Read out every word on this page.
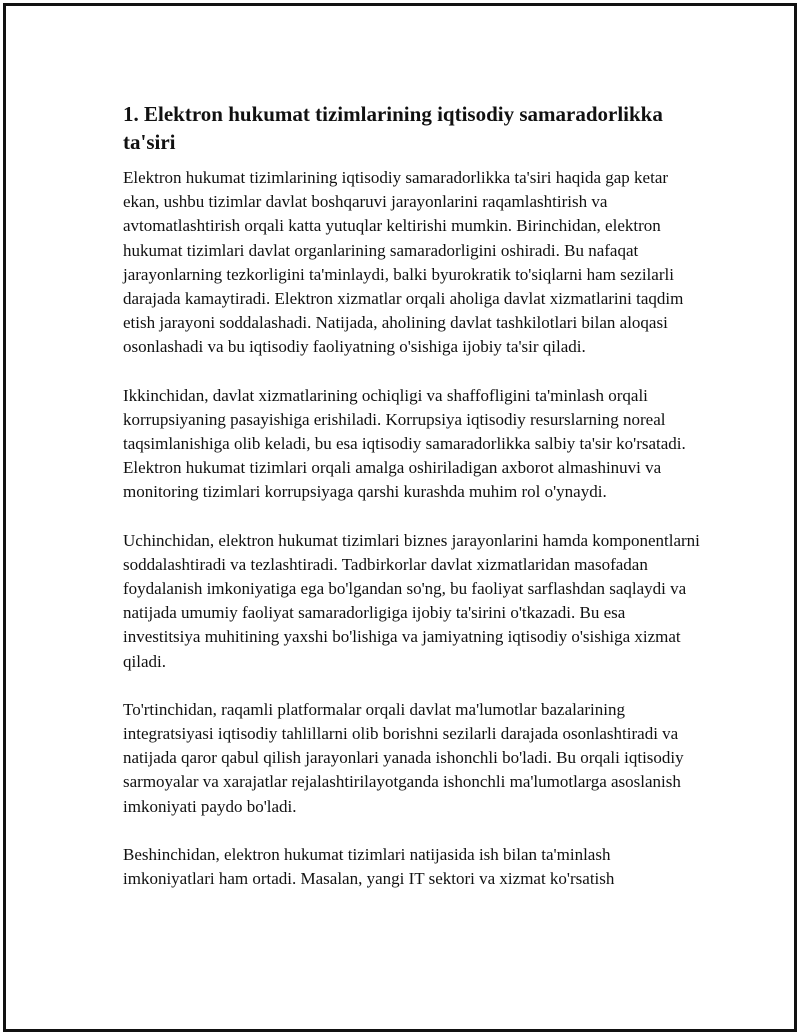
1. Elektron hukumat tizimlarining iqtisodiy samaradorlikka ta'siri

Elektron hukumat tizimlarining iqtisodiy samaradorlikka ta'siri haqida gap ketar ekan, ushbu tizimlar davlat boshqaruvi jarayonlarini raqamlashtirish va avtomatlashtirish orqali katta yutuqlar keltirishi mumkin. Birinchidan, elektron hukumat tizimlari davlat organlarining samaradorligini oshiradi. Bu nafaqat jarayonlarning tezkorligini ta'minlaydi, balki byurokratik to'siqlarni ham sezilarli darajada kamaytiradi. Elektron xizmatlar orqali aholiga davlat xizmatlarini taqdim etish jarayoni soddalashadi. Natijada, aholining davlat tashkilotlari bilan aloqasi osonlashadi va bu iqtisodiy faoliyatning o'sishiga ijobiy ta'sir qiladi.

Ikkinchidan, davlat xizmatlarining ochiqligi va shaffofligini ta'minlash orqali korrupsiyaning pasayishiga erishiladi. Korrupsiya iqtisodiy resurslarning noreal taqsimlanishiga olib keladi, bu esa iqtisodiy samaradorlikka salbiy ta'sir ko'rsatadi. Elektron hukumat tizimlari orqali amalga oshiriladigan axborot almashinuvi va monitoring tizimlari korrupsiyaga qarshi kurashda muhim rol o'ynaydi.

Uchinchidan, elektron hukumat tizimlari biznes jarayonlarini hamda komponentlarni soddalashtiradi va tezlashtiradi. Tadbirkorlar davlat xizmatlaridan masofadan foydalanish imkoniyatiga ega bo'lgandan so'ng, bu faoliyat sarflashdan saqlaydi va natijada umumiy faoliyat samaradorligiga ijobiy ta'sirini o'tkazadi. Bu esa investitsiya muhitining yaxshi bo'lishiga va jamiyatning iqtisodiy o'sishiga xizmat qiladi.

To'rtinchidan, raqamli platformalar orqali davlat ma'lumotlar bazalarining integratsiyasi iqtisodiy tahlillarni olib borishni sezilarli darajada osonlashtiradi va natijada qaror qabul qilish jarayonlari yanada ishonchli bo'ladi. Bu orqali iqtisodiy sarmoyalar va xarajatlar rejalashtirilayotganda ishonchli ma'lumotlarga asoslanish imkoniyati paydo bo'ladi.

Beshinchidan, elektron hukumat tizimlari natijasida ish bilan ta'minlash imkoniyatlari ham ortadi. Masalan, yangi IT sektori va xizmat ko'rsatish
